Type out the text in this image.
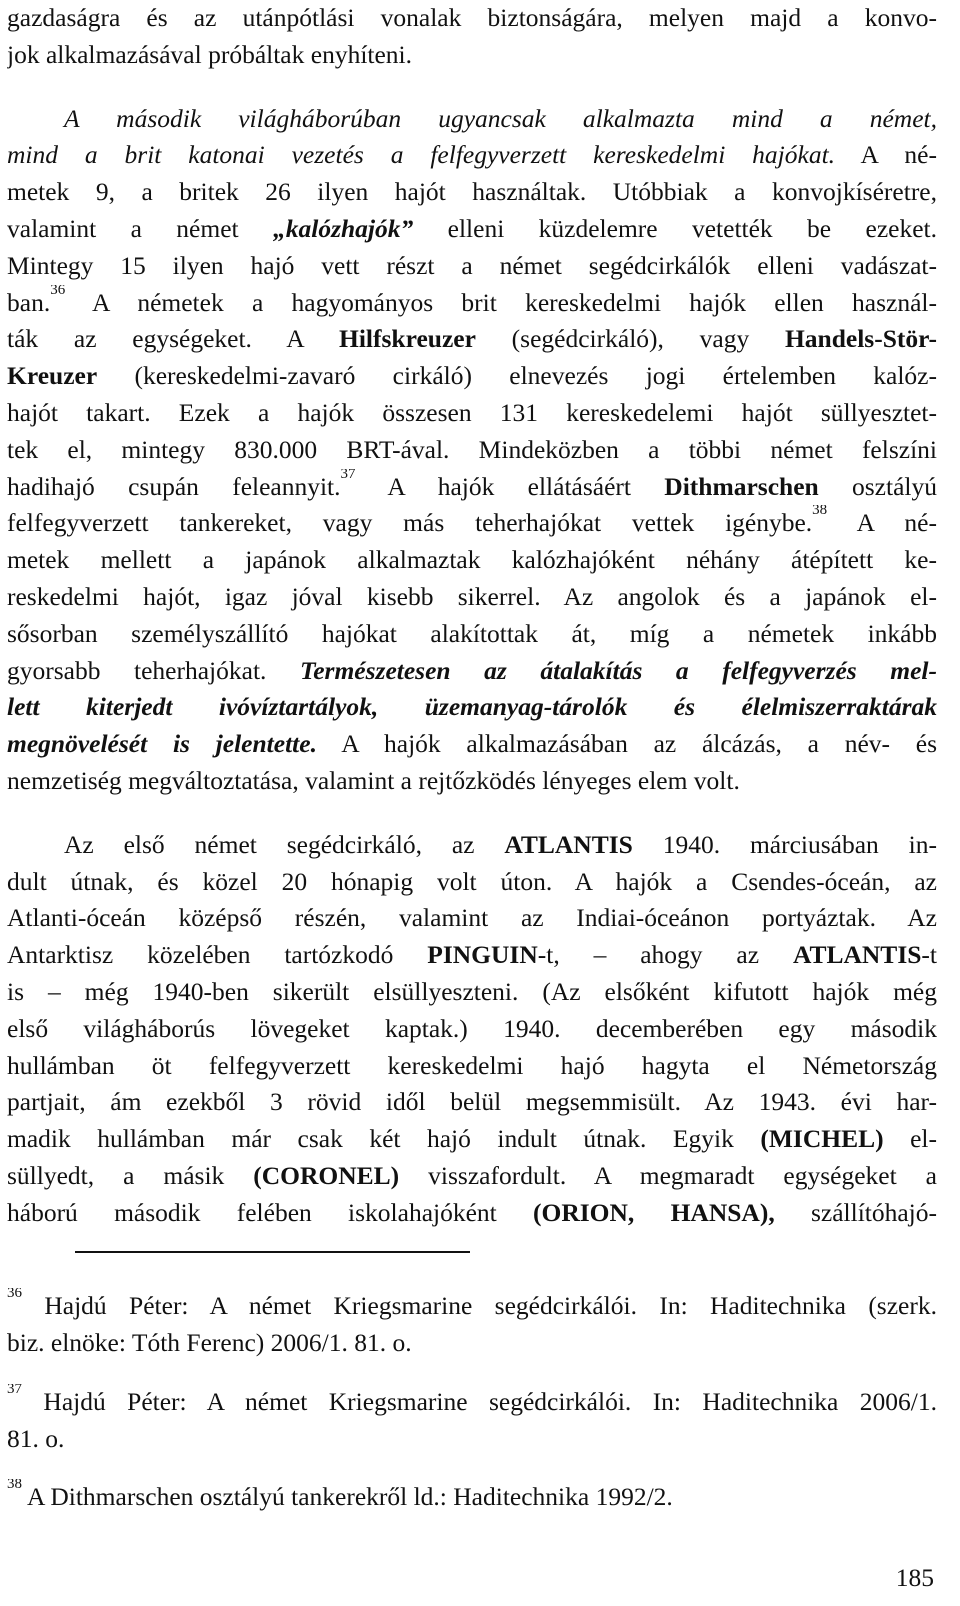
gazdaságra és az utánpótlási vonalak biztonságára, melyen majd a konvo-
jok alkalmazásával próbáltak enyhíteni.
A második világháborúban ugyancsak alkalmazta mind a német,
mind a brit katonai vezetés a felfegyverzett kereskedelmi hajókat. A né-
metek 9, a britek 26 ilyen hajót használtak. Utóbbiak a konvojkíséretre,
valamint a német „kalózhajók” elleni küzdelemre vetették be ezeket.
Mintegy 15 ilyen hajó vett részt a német segédcirkálók elleni vadászat-
ban.$^{36}$ A németek a hagyományos brit kereskedelmi hajók ellen használ-
ták az egységeket. A Hilfskreuzer (segédcirkáló), vagy Handels-Stör-
Kreuzer (kereskedelmi-zavaró cirkáló) elnevezés jogi értelemben kalóz-
hajót takart. Ezek a hajók összesen 131 kereskedelemi hajót süllyesztet-
tek el, mintegy 830.000 BRT-ával. Mindeközben a többi német felszíni
hadihajó csupán feleannyit.$^{37}$ A hajók ellátásáért Dithmarschen osztályú
felfegyverzett tankereket, vagy más teherhajókat vettek igénybe.$^{38}$ A né-
metek mellett a japánok alkalmaztak kalózhajóként néhány átépített ke-
reskedelmi hajót, igaz jóval kisebb sikerrel. Az angolok és a japánok el-
sősorban személyszállító hajókat alakítottak át, míg a németek inkább
gyorsabb teherhajókat. Természetesen az átalakítás a felfegyverzés mel-
lett kiterjedt ivóvíztartályok, üzemanyag-tárolók és élelmiszerraktárak
megnövelését is jelentette. A hajók alkalmazásában az álcázás, a név- és
nemzetiség megváltoztatása, valamint a rejtőzködés lényeges elem volt.
Az első német segédcirkáló, az ATLANTIS 1940. márciusában in-
dult útnak, és közel 20 hónapig volt úton. A hajók a Csendes-óceán, az
Atlanti-óceán középső részén, valamint az Indiai-óceánon portyáztak. Az
Antarktisz közelében tartózkodó PINGUIN-t, – ahogy az ATLANTIS-t
is – még 1940-ben sikerült elsüllyeszteni. (Az elsőként kifutott hajók még
első világháborús lövegeket kaptak.) 1940. decemberében egy második
hullámban öt felfegyverzett kereskedelmi hajó hagyta el Németország
partjait, ám ezekből 3 rövid idől belül megsemmisült. Az 1943. évi har-
madik hullámban már csak két hajó indult útnak. Egyik (MICHEL) el-
süllyedt, a másik (CORONEL) visszafordult. A megmaradt egységeket a
háború második felében iskolahajóként (ORION, HANSA), szállítóhajó-
$^{36}$ Hajdú Péter: A német Kriegsmarine segédcirkálói. In: Haditechnika (szerk.
biz. elnöke: Tóth Ferenc) 2006/1. 81. o.
$^{37}$ Hajdú Péter: A német Kriegsmarine segédcirkálói. In: Haditechnika 2006/1.
81. o.
$^{38}$ A Dithmarschen osztályú tankerekről ld.: Haditechnika 1992/2.
185
